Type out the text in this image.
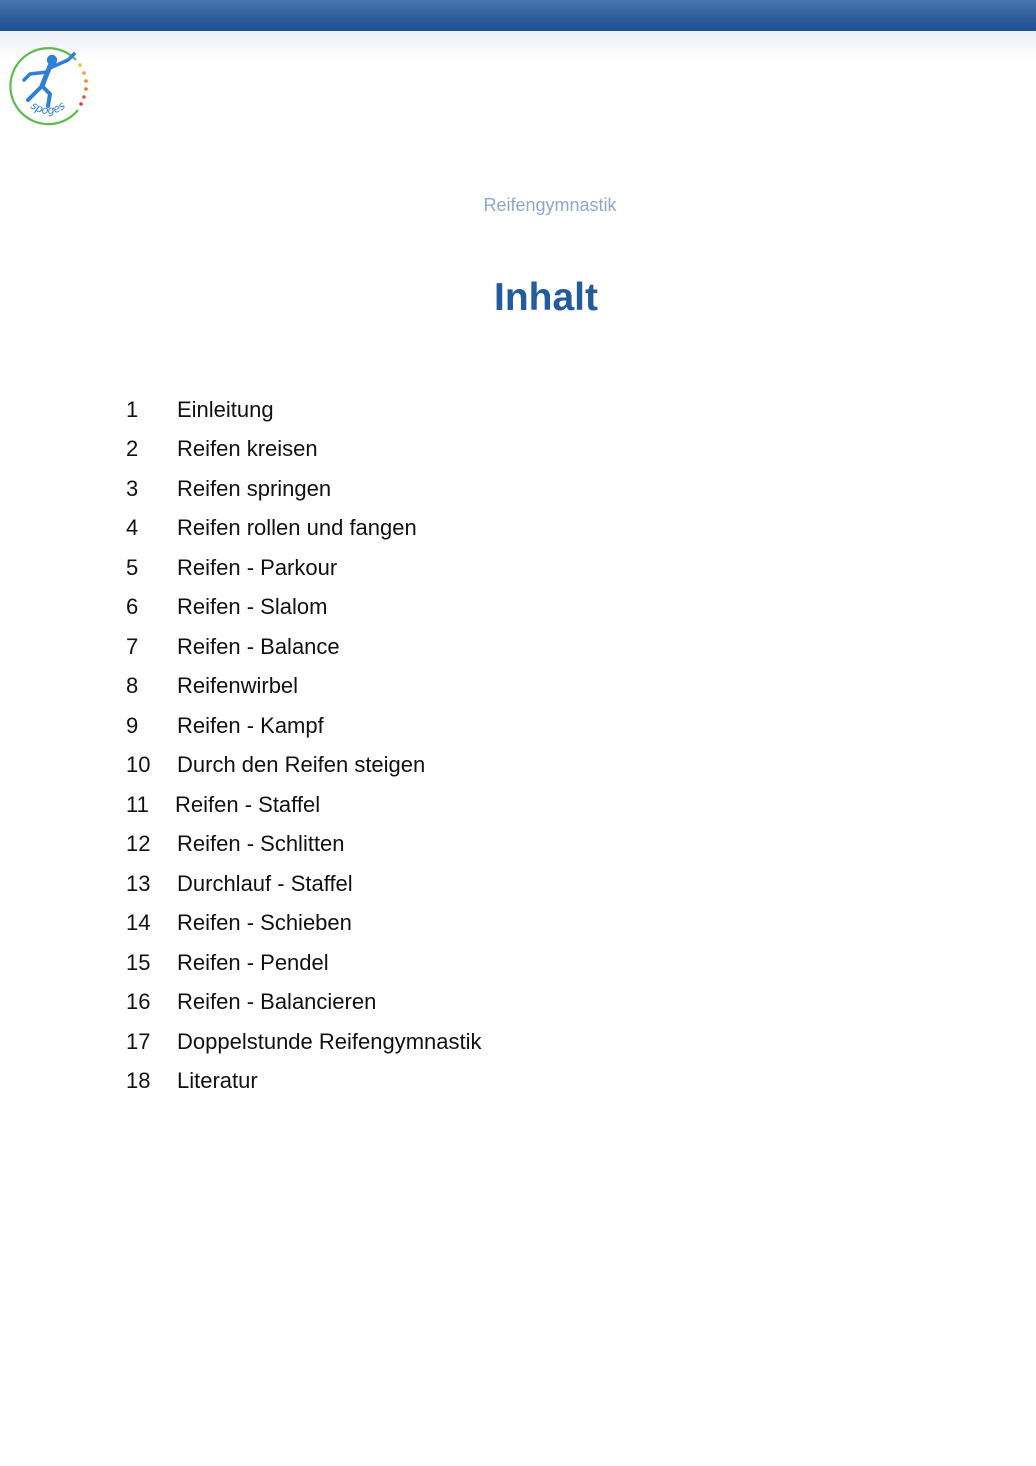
spoges
Reifengymnastik
Inhalt
1	Einleitung
2	Reifen kreisen
3	Reifen springen
4	Reifen rollen und fangen
5	Reifen - Parkour
6	Reifen - Slalom
7	Reifen - Balance
8	Reifenwirbel
9	Reifen - Kampf
10	Durch den Reifen steigen
11	Reifen - Staffel
12	Reifen - Schlitten
13	Durchlauf - Staffel
14	Reifen - Schieben
15	Reifen - Pendel
16	Reifen - Balancieren
17	Doppelstunde Reifengymnastik
18	Literatur
